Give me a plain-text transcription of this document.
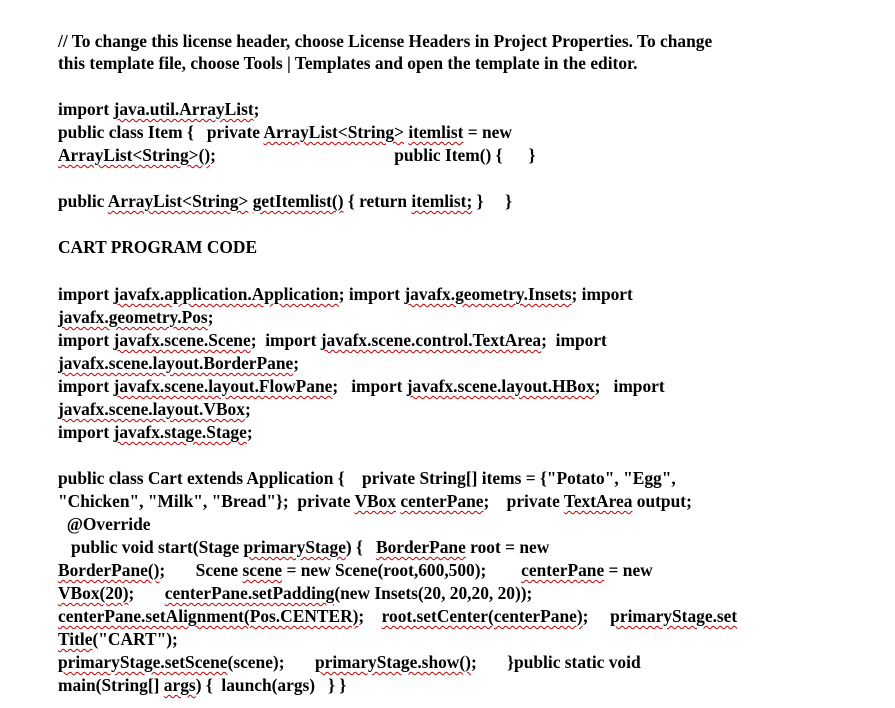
// To change this license header, choose License Headers in Project Properties. To change
this template file, choose Tools | Templates and open the template in the editor.
import java.util.ArrayList;
public class Item {   private ArrayList<String> itemlist = new
ArrayList<String>();                                         public Item() {      }
public ArrayList<String> getItemlist() { return itemlist; }     }
CART PROGRAM CODE
import javafx.application.Application; import javafx.geometry.Insets; import
javafx.geometry.Pos;
import javafx.scene.Scene;  import javafx.scene.control.TextArea;  import
javafx.scene.layout.BorderPane;
import javafx.scene.layout.FlowPane;   import javafx.scene.layout.HBox;   import
javafx.scene.layout.VBox;
import javafx.stage.Stage;
public class Cart extends Application {    private String[] items = {"Potato", "Egg",
"Chicken", "Milk", "Bread"};  private VBox centerPane;    private TextArea output;
@Override
public void start(Stage primaryStage) {   BorderPane root = new
BorderPane();       Scene scene = new Scene(root,600,500);        centerPane = new
VBox(20);       centerPane.setPadding(new Insets(20, 20,20, 20));
centerPane.setAlignment(Pos.CENTER);    root.setCenter(centerPane);     primaryStage.set
Title("CART");
primaryStage.setScene(scene);       primaryStage.show();       }public static void
main(String[] args) {  launch(args)   } }
